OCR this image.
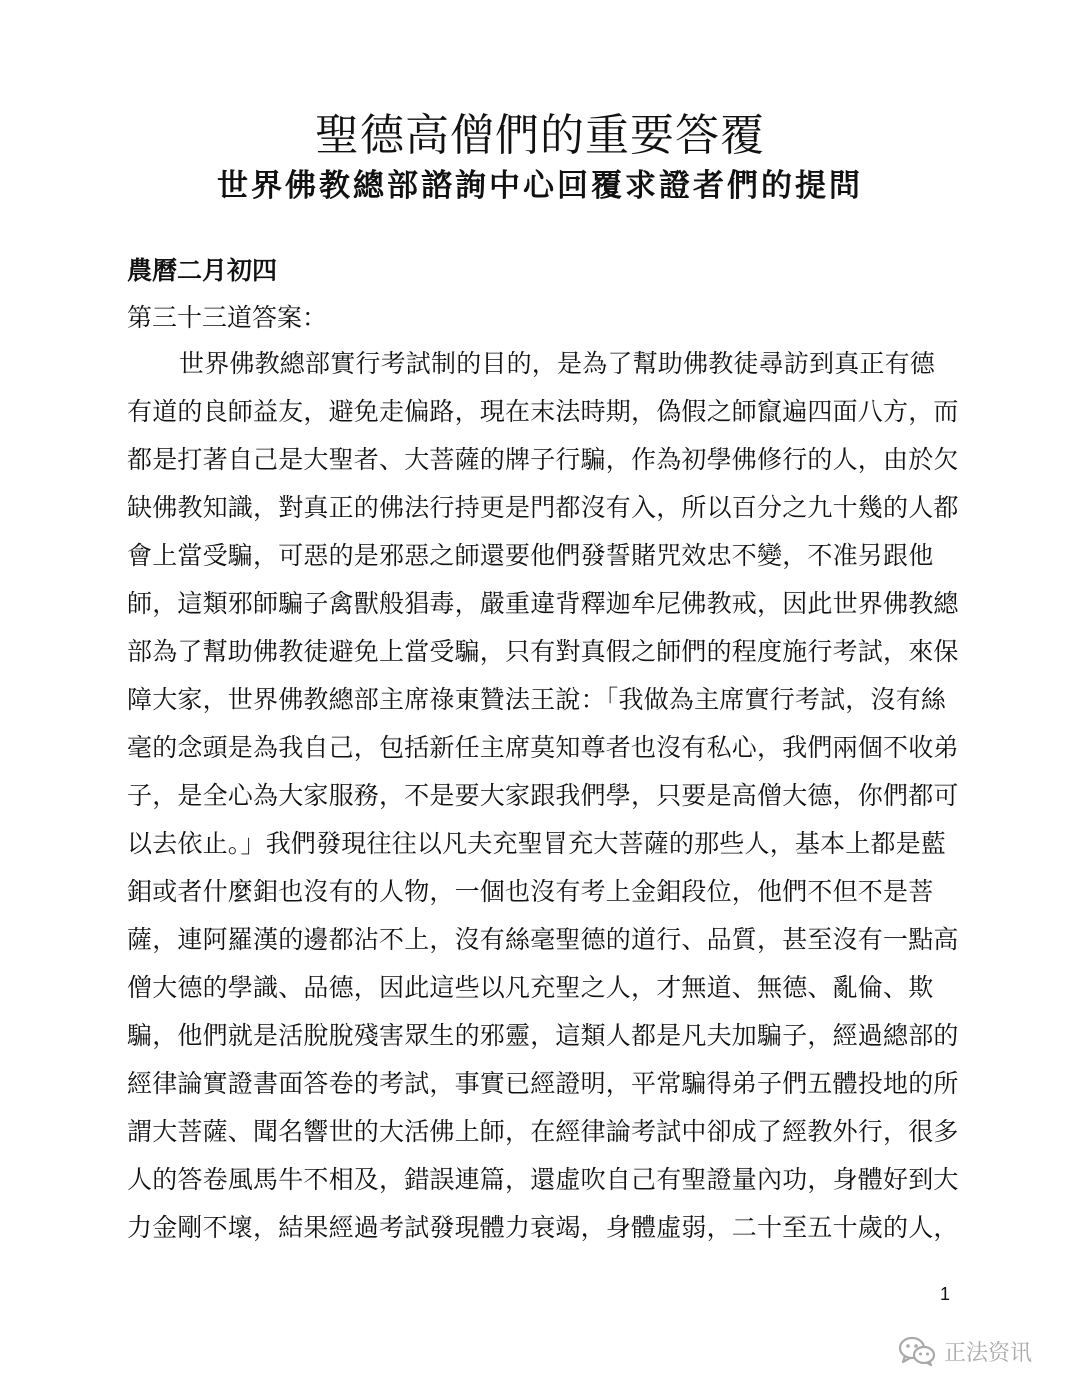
聖德高僧們的重要答覆
世界佛教總部諮詢中心回覆求證者們的提問
農曆二月初四
第三十三道答案：
世界佛教總部實行考試制的目的，是為了幫助佛教徒尋訪到真正有德
有道的良師益友，避免走偏路，現在末法時期，偽假之師竄遍四面八方，而
都是打著自己是大聖者、大菩薩的牌子行騙，作為初學佛修行的人，由於欠
缺佛教知識，對真正的佛法行持更是門都沒有入，所以百分之九十幾的人都
會上當受騙，可惡的是邪惡之師還要他們發誓賭咒效忠不變，不准另跟他
師，這類邪師騙子禽獸般猖毒，嚴重違背釋迦牟尼佛教戒，因此世界佛教總
部為了幫助佛教徒避免上當受騙，只有對真假之師們的程度施行考試，來保
障大家，世界佛教總部主席祿東贊法王說：「我做為主席實行考試，沒有絲
毫的念頭是為我自己，包括新任主席莫知尊者也沒有私心，我們兩個不收弟
子，是全心為大家服務，不是要大家跟我們學，只要是高僧大德，你們都可
以去依止。」我們發現往往以凡夫充聖冒充大菩薩的那些人，基本上都是藍
鉬或者什麼鉬也沒有的人物，一個也沒有考上金鉬段位，他們不但不是菩
薩，連阿羅漢的邊都沾不上，沒有絲毫聖德的道行、品質，甚至沒有一點高
僧大德的學識、品德，因此這些以凡充聖之人，才無道、無德、亂倫、欺
騙，他們就是活脫脫殘害眾生的邪靈，這類人都是凡夫加騙子，經過總部的
經律論實證書面答卷的考試，事實已經證明，平常騙得弟子們五體投地的所
謂大菩薩、聞名響世的大活佛上師，在經律論考試中卻成了經教外行，很多
人的答卷風馬牛不相及，錯誤連篇，還虛吹自己有聖證量內功，身體好到大
力金剛不壞，結果經過考試發現體力衰竭，身體虛弱，二十至五十歲的人，
1
正法资讯
